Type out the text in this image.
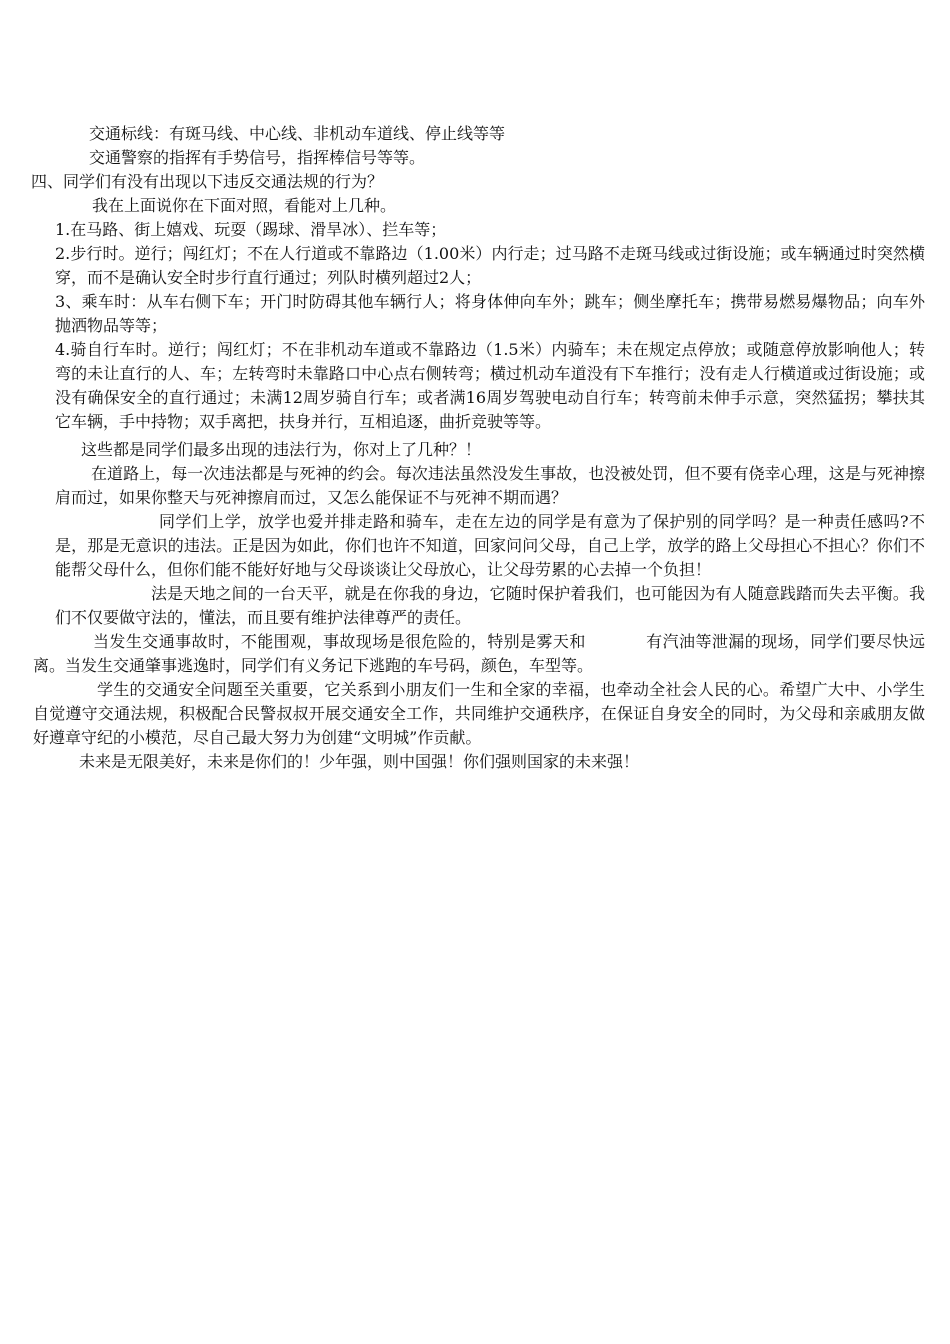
交通标线：有斑马线、中心线、非机动车道线、停止线等等

交通警察的指挥有手势信号，指挥棒信号等等。

四、同学们有没有出现以下违反交通法规的行为？

我在上面说你在下面对照，看能对上几种。

1.在马路、街上嬉戏、玩耍（踢球、滑旱冰）、拦车等；

2.步行时。逆行；闯红灯；不在人行道或不靠路边（1.00米）内行走；过马路不走斑马线或过街设施；或车辆通过时突然横穿，而不是确认安全时步行直行通过；列队时横列超过2人；

3、乘车时：从车右侧下车；开门时防碍其他车辆行人；将身体伸向车外；跳车；侧坐摩托车；携带易燃易爆物品；向车外抛洒物品等等；

4.骑自行车时。逆行；闯红灯；不在非机动车道或不靠路边（1.5米）内骑车；未在规定点停放；或随意停放影响他人；转弯的未让直行的人、车；左转弯时未靠路口中心点右侧转弯；横过机动车道没有下车推行；没有走人行横道或过街设施；或没有确保安全的直行通过；未满12周岁骑自行车；或者满16周岁驾驶电动自行车；转弯前未伸手示意，突然猛拐；攀扶其它车辆，手中持物；双手离把，扶身并行，互相追逐，曲折竞驶等等。

这些都是同学们最多出现的违法行为，你对上了几种？！

在道路上，每一次违法都是与死神的约会。每次违法虽然没发生事故，也没被处罚，但不要有侥幸心理，这是与死神擦肩而过，如果你整天与死神擦肩而过，又怎么能保证不与死神不期而遇？

同学们上学，放学也爱并排走路和骑车，走在左边的同学是有意为了保护别的同学吗？是一种责任感吗?不是，那是无意识的违法。正是因为如此，你们也许不知道，回家问问父母，自己上学，放学的路上父母担心不担心？你们不能帮父母什么，但你们能不能好好地与父母谈谈让父母放心，让父母劳累的心去掉一个负担！

法是天地之间的一台天平，就是在你我的身边，它随时保护着我们，也可能因为有人随意践踏而失去平衡。我们不仅要做守法的，懂法，而且要有维护法律尊严的责任。

当发生交通事故时，不能围观，事故现场是很危险的，特别是雾天和	有汽油等泄漏的现场，同学们要尽快远离。当发生交通肇事逃逸时，同学们有义务记下逃跑的车号码，颜色，车型等。

学生的交通安全问题至关重要，它关系到小朋友们一生和全家的幸福，也牵动全社会人民的心。希望广大中、小学生自觉遵守交通法规，积极配合民警叔叔开展交通安全工作，共同维护交通秩序，在保证自身安全的同时，为父母和亲戚朋友做好遵章守纪的小模范，尽自己最大努力为创建“文明城”作贡献。

未来是无限美好，未来是你们的！少年强，则中国强！你们强则国家的未来强！
